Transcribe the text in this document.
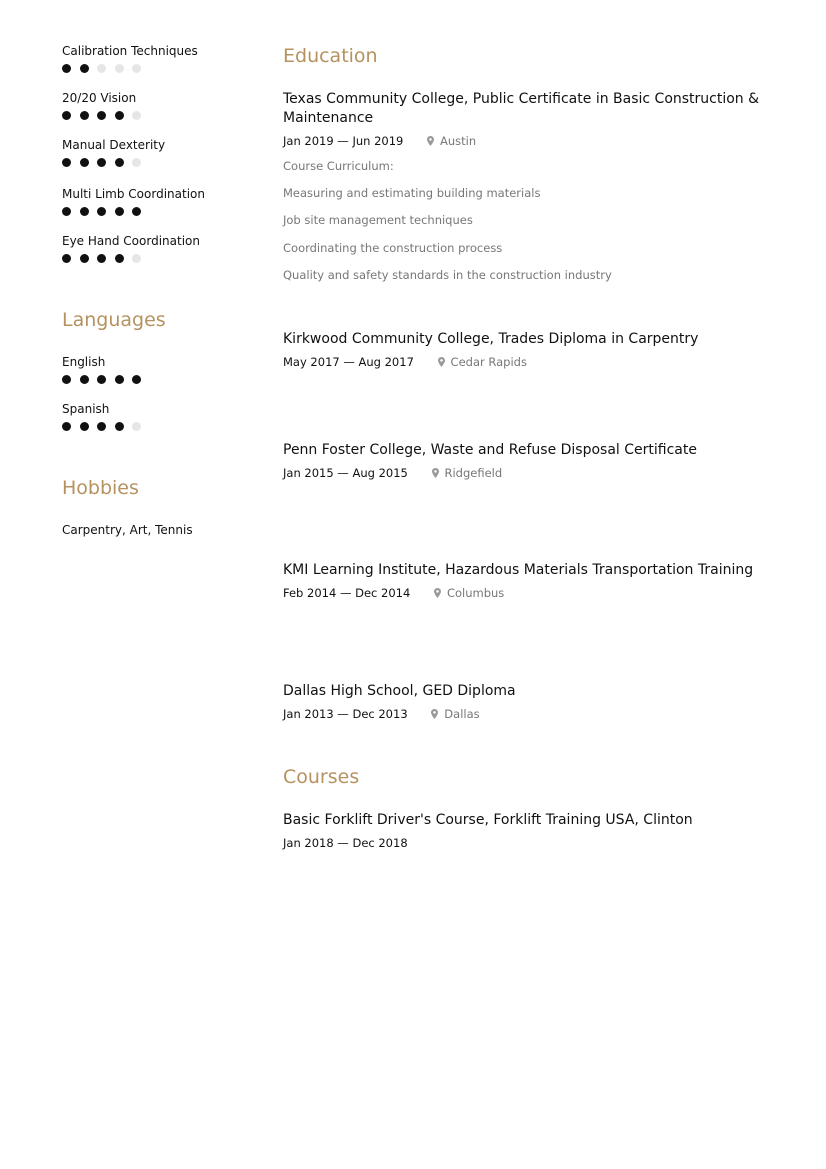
Calibration Techniques
20/20 Vision
Manual Dexterity
Multi Limb Coordination
Eye Hand Coordination
Languages
English
Spanish
Hobbies
Carpentry, Art, Tennis
Education
Texas Community College, Public Certificate in Basic Construction & Maintenance
Jan 2019 — Jun 2019	Austin
Course Curriculum:
Measuring and estimating building materials
Job site management techniques
Coordinating the construction process
Quality and safety standards in the construction industry
Kirkwood Community College, Trades Diploma in Carpentry
May 2017 — Aug 2017	Cedar Rapids
Penn Foster College, Waste and Refuse Disposal Certificate
Jan 2015 — Aug 2015	Ridgefield
KMI Learning Institute, Hazardous Materials Transportation Training
Feb 2014 — Dec 2014	Columbus
Dallas High School, GED Diploma
Jan 2013 — Dec 2013	Dallas
Courses
Basic Forklift Driver's Course, Forklift Training USA, Clinton
Jan 2018 — Dec 2018
